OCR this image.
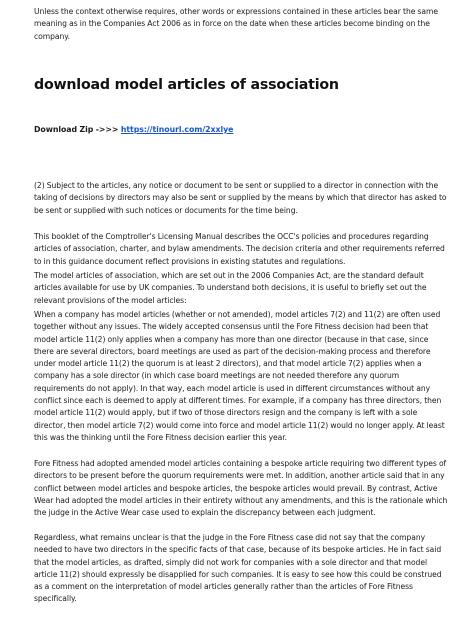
Unless the context otherwise requires, other words or expressions contained in these articles bear the same meaning as in the Companies Act 2006 as in force on the date when these articles become binding on the company.

download model articles of association

Download Zip ->>> https://tinourl.com/2xxlye

(2) Subject to the articles, any notice or document to be sent or supplied to a director in connection with the taking of decisions by directors may also be sent or supplied by the means by which that director has asked to be sent or supplied with such notices or documents for the time being.

This booklet of the Comptroller's Licensing Manual describes the OCC's policies and procedures regarding articles of association, charter, and bylaw amendments. The decision criteria and other requirements referred to in this guidance document reflect provisions in existing statutes and regulations.

The model articles of association, which are set out in the 2006 Companies Act, are the standard default articles available for use by UK companies. To understand both decisions, it is useful to briefly set out the relevant provisions of the model articles:

When a company has model articles (whether or not amended), model articles 7(2) and 11(2) are often used together without any issues. The widely accepted consensus until the Fore Fitness decision had been that model article 11(2) only applies when a company has more than one director (because in that case, since there are several directors, board meetings are used as part of the decision-making process and therefore under model article 11(2) the quorum is at least 2 directors), and that model article 7(2) applies when a company has a sole director (in which case board meetings are not needed therefore any quorum requirements do not apply). In that way, each model article is used in different circumstances without any conflict since each is deemed to apply at different times. For example, if a company has three directors, then model article 11(2) would apply, but if two of those directors resign and the company is left with a sole director, then model article 7(2) would come into force and model article 11(2) would no longer apply. At least this was the thinking until the Fore Fitness decision earlier this year.

Fore Fitness had adopted amended model articles containing a bespoke article requiring two different types of directors to be present before the quorum requirements were met. In addition, another article said that in any conflict between model articles and bespoke articles, the bespoke articles would prevail. By contrast, Active Wear had adopted the model articles in their entirety without any amendments, and this is the rationale which the judge in the Active Wear case used to explain the discrepancy between each judgment.

Regardless, what remains unclear is that the judge in the Fore Fitness case did not say that the company needed to have two directors in the specific facts of that case, because of its bespoke articles. He in fact said that the model articles, as drafted, simply did not work for companies with a sole director and that model article 11(2) should expressly be disapplied for such companies. It is easy to see how this could be construed as a comment on the interpretation of model articles generally rather than the articles of Fore Fitness specifically.
